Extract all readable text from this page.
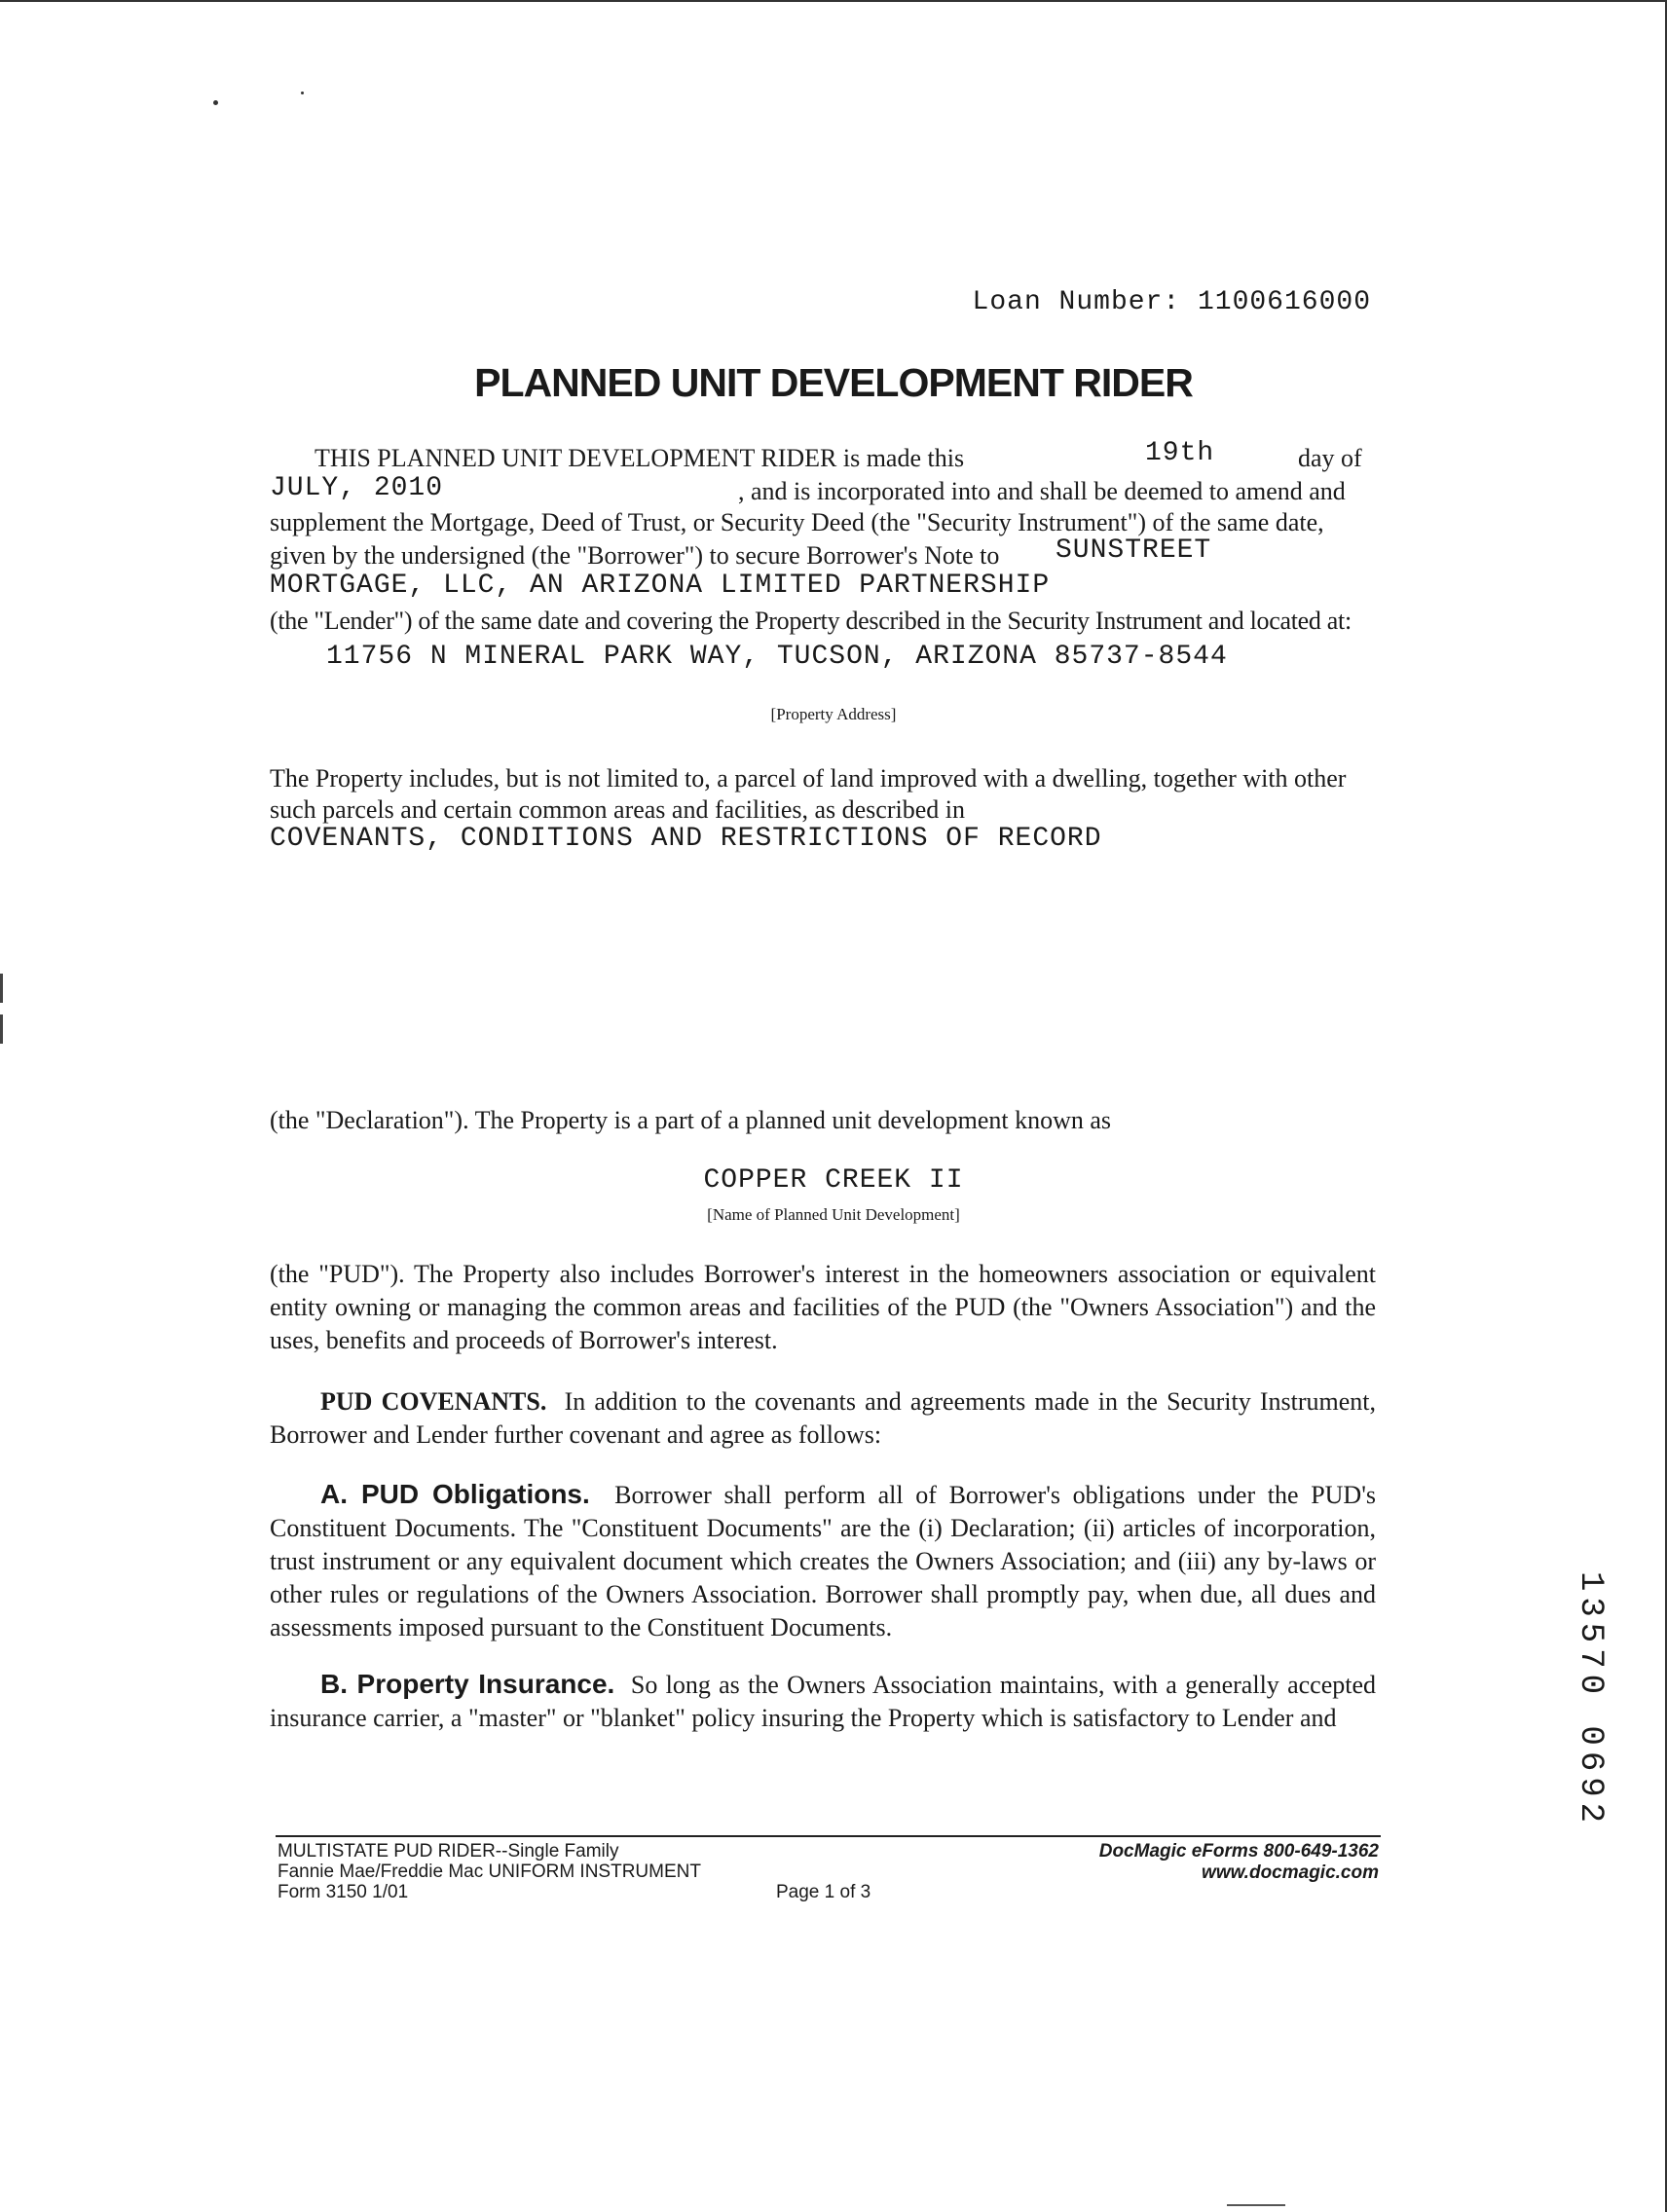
Loan Number: 1100616000
PLANNED UNIT DEVELOPMENT RIDER
THIS PLANNED UNIT DEVELOPMENT RIDER is made this	19th	day of
JULY, 2010	, and is incorporated into and shall be deemed to amend and
supplement the Mortgage, Deed of Trust, or Security Deed (the "Security Instrument") of the same date,
given by the undersigned (the "Borrower") to secure Borrower's Note to SUNSTREET
MORTGAGE, LLC, AN ARIZONA LIMITED PARTNERSHIP
(the "Lender") of the same date and covering the Property described in the Security Instrument and located at:
11756 N MINERAL PARK WAY, TUCSON, ARIZONA 85737-8544
[Property Address]
The Property includes, but is not limited to, a parcel of land improved with a dwelling, together with other
such parcels and certain common areas and facilities, as described in
COVENANTS, CONDITIONS AND RESTRICTIONS OF RECORD
(the "Declaration"). The Property is a part of a planned unit development known as
COPPER CREEK II
[Name of Planned Unit Development]
(the "PUD"). The Property also includes Borrower's interest in the homeowners association or equivalent entity owning or managing the common areas and facilities of the PUD (the "Owners Association") and the uses, benefits and proceeds of Borrower's interest.
PUD COVENANTS. In addition to the covenants and agreements made in the Security Instrument, Borrower and Lender further covenant and agree as follows:
A. PUD Obligations. Borrower shall perform all of Borrower's obligations under the PUD's Constituent Documents. The "Constituent Documents" are the (i) Declaration; (ii) articles of incorporation, trust instrument or any equivalent document which creates the Owners Association; and (iii) any by-laws or other rules or regulations of the Owners Association. Borrower shall promptly pay, when due, all dues and assessments imposed pursuant to the Constituent Documents.
B. Property Insurance. So long as the Owners Association maintains, with a generally accepted insurance carrier, a "master" or "blanket" policy insuring the Property which is satisfactory to Lender and
MULTISTATE PUD RIDER--Single Family
Fannie Mae/Freddie Mac UNIFORM INSTRUMENT
Form 3150 1/01	Page 1 of 3
DocMagic eForms 800-649-1362
www.docmagic.com
13570 0692
